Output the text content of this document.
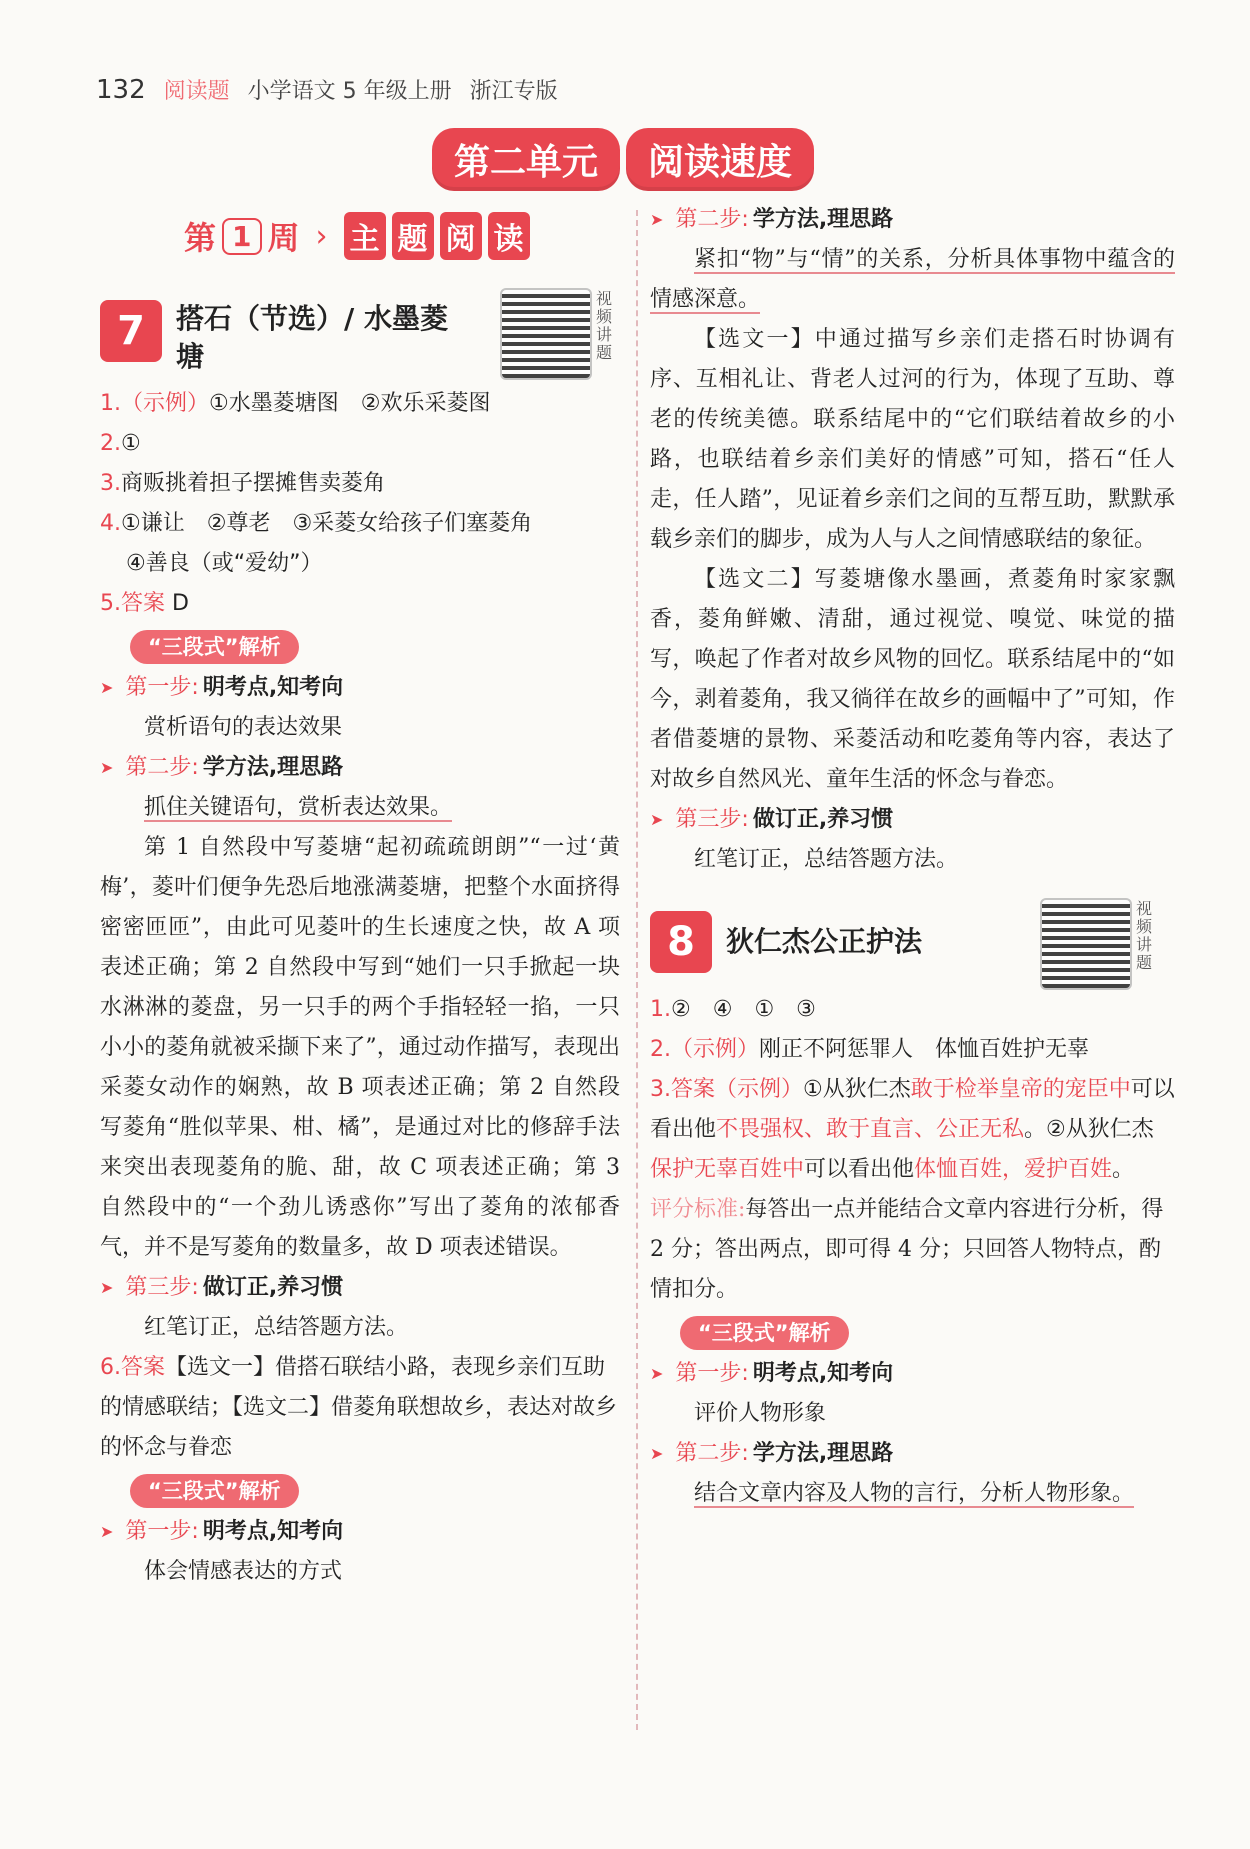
132 阅读题 小学语文 5 年级上册 浙江专版
第二单元	阅读速度
第 1 周 › 主 题 阅 读
7	搭石（节选）/ 水墨菱塘
视频讲题

1.（示例）①水墨菱塘图　②欢乐采菱图

2.①

3.商贩挑着担子摆摊售卖菱角

4.①谦让　②尊老　③采菱女给孩子们塞菱角

④善良（或“爱幼”）

5.答案 D

“三段式”解析
➤ 第一步: 明考点,知考向
赏析语句的表达效果
➤ 第二步: 学方法,理思路
抓住关键语句，赏析表达效果。
第 1 自然段中写菱塘“起初疏疏朗朗”“一过‘黄梅’，菱叶们便争先恐后地涨满菱塘，把整个水面挤得密密匝匝”，由此可见菱叶的生长速度之快，故 A 项表述正确；第 2 自然段中写到“她们一只手掀起一块水淋淋的菱盘，另一只手的两个手指轻轻一掐，一只小小的菱角就被采撷下来了”，通过动作描写，表现出采菱女动作的娴熟，故 B 项表述正确；第 2 自然段写菱角“胜似苹果、柑、橘”，是通过对比的修辞手法来突出表现菱角的脆、甜，故 C 项表述正确；第 3 自然段中的“一个劲儿诱惑你”写出了菱角的浓郁香气，并不是写菱角的数量多，故 D 项表述错误。
➤ 第三步: 做订正,养习惯
红笔订正，总结答题方法。

6.答案【选文一】借搭石联结小路，表现乡亲们互助的情感联结；【选文二】借菱角联想故乡，表达对故乡的怀念与眷恋

“三段式”解析
➤ 第一步: 明考点,知考向
体会情感表达的方式
➤ 第二步: 学方法,理思路
紧扣“物”与“情”的关系，分析具体事物中蕴含的情感深意。
【选文一】中通过描写乡亲们走搭石时协调有序、互相礼让、背老人过河的行为，体现了互助、尊老的传统美德。联系结尾中的“它们联结着故乡的小路，也联结着乡亲们美好的情感”可知，搭石“任人走，任人踏”，见证着乡亲们之间的互帮互助，默默承载乡亲们的脚步，成为人与人之间情感联结的象征。
【选文二】写菱塘像水墨画，煮菱角时家家飘香，菱角鲜嫩、清甜，通过视觉、嗅觉、味觉的描写，唤起了作者对故乡风物的回忆。联系结尾中的“如今，剥着菱角，我又徜徉在故乡的画幅中了”可知，作者借菱塘的景物、采菱活动和吃菱角等内容，表达了对故乡自然风光、童年生活的怀念与眷恋。
➤ 第三步: 做订正,养习惯
红笔订正，总结答题方法。
8	狄仁杰公正护法
视频讲题

1.②　④　①　③

2.（示例）刚正不阿惩罪人　体恤百姓护无辜

3.答案（示例）①从狄仁杰敢于检举皇帝的宠臣中可以看出他不畏强权、敢于直言、公正无私。②从狄仁杰保护无辜百姓中可以看出他体恤百姓，爱护百姓。

评分标准:每答出一点并能结合文章内容进行分析，得 2 分；答出两点，即可得 4 分；只回答人物特点，酌情扣分。

“三段式”解析
➤ 第一步: 明考点,知考向
评价人物形象
➤ 第二步: 学方法,理思路
结合文章内容及人物的言行，分析人物形象。
